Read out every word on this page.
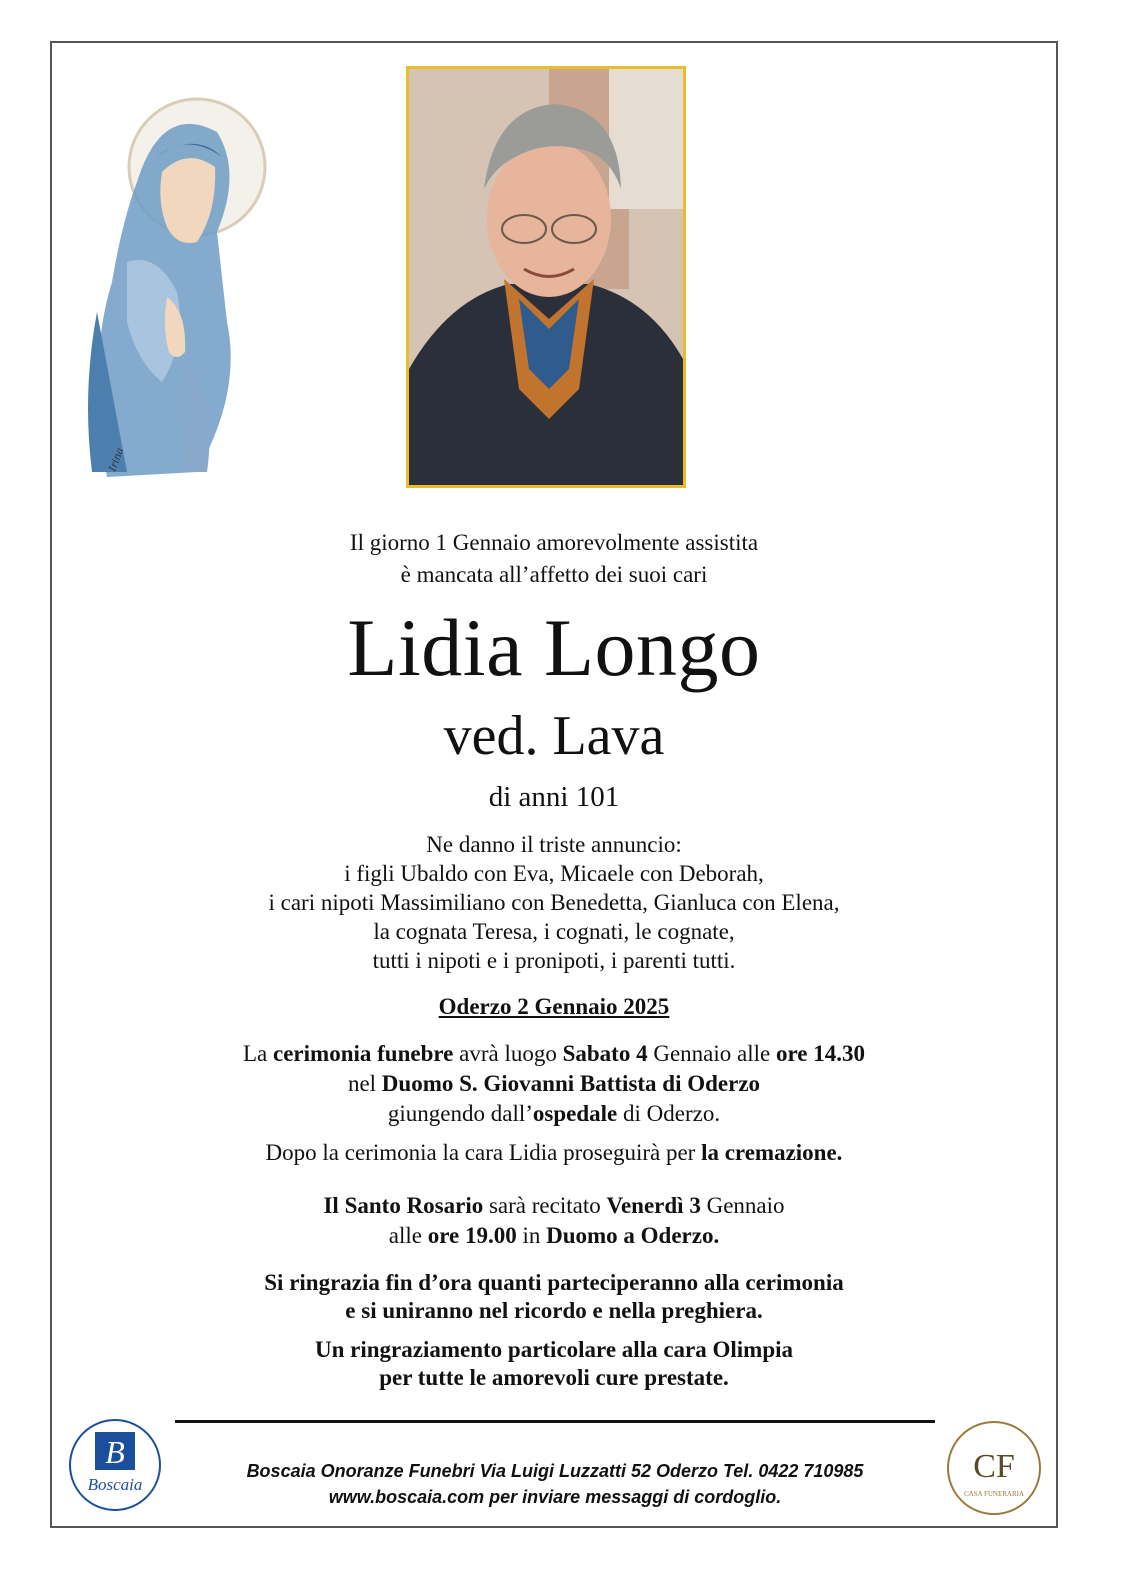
Irina
Il giorno 1 Gennaio amorevolmente assistita
è mancata all’affetto dei suoi cari
Lidia Longo
ved. Lava
di anni 101
Ne danno il triste annuncio:
i figli Ubaldo con Eva, Micaele con Deborah,
i cari nipoti Massimiliano con Benedetta, Gianluca con Elena,
la cognata Teresa, i cognati, le cognate,
tutti i nipoti e i pronipoti, i parenti tutti.
Oderzo 2 Gennaio 2025
La cerimonia funebre avrà luogo Sabato 4 Gennaio alle ore 14.30
nel Duomo S. Giovanni Battista di Oderzo
giungendo dall’ospedale di Oderzo.
Dopo la cerimonia la cara Lidia proseguirà per la cremazione.
Il Santo Rosario sarà recitato Venerdì 3 Gennaio
alle ore 19.00 in Duomo a Oderzo.
Si ringrazia fin d’ora quanti parteciperanno alla cerimonia
e si uniranno nel ricordo e nella preghiera.
Un ringraziamento particolare alla cara Olimpia
per tutte le amorevoli cure prestate.
B
Boscaia
Boscaia Onoranze Funebri Via Luigi Luzzatti 52 Oderzo Tel. 0422 710985
www.boscaia.com per inviare messaggi di cordoglio.
CF
CASA FUNERARIA
